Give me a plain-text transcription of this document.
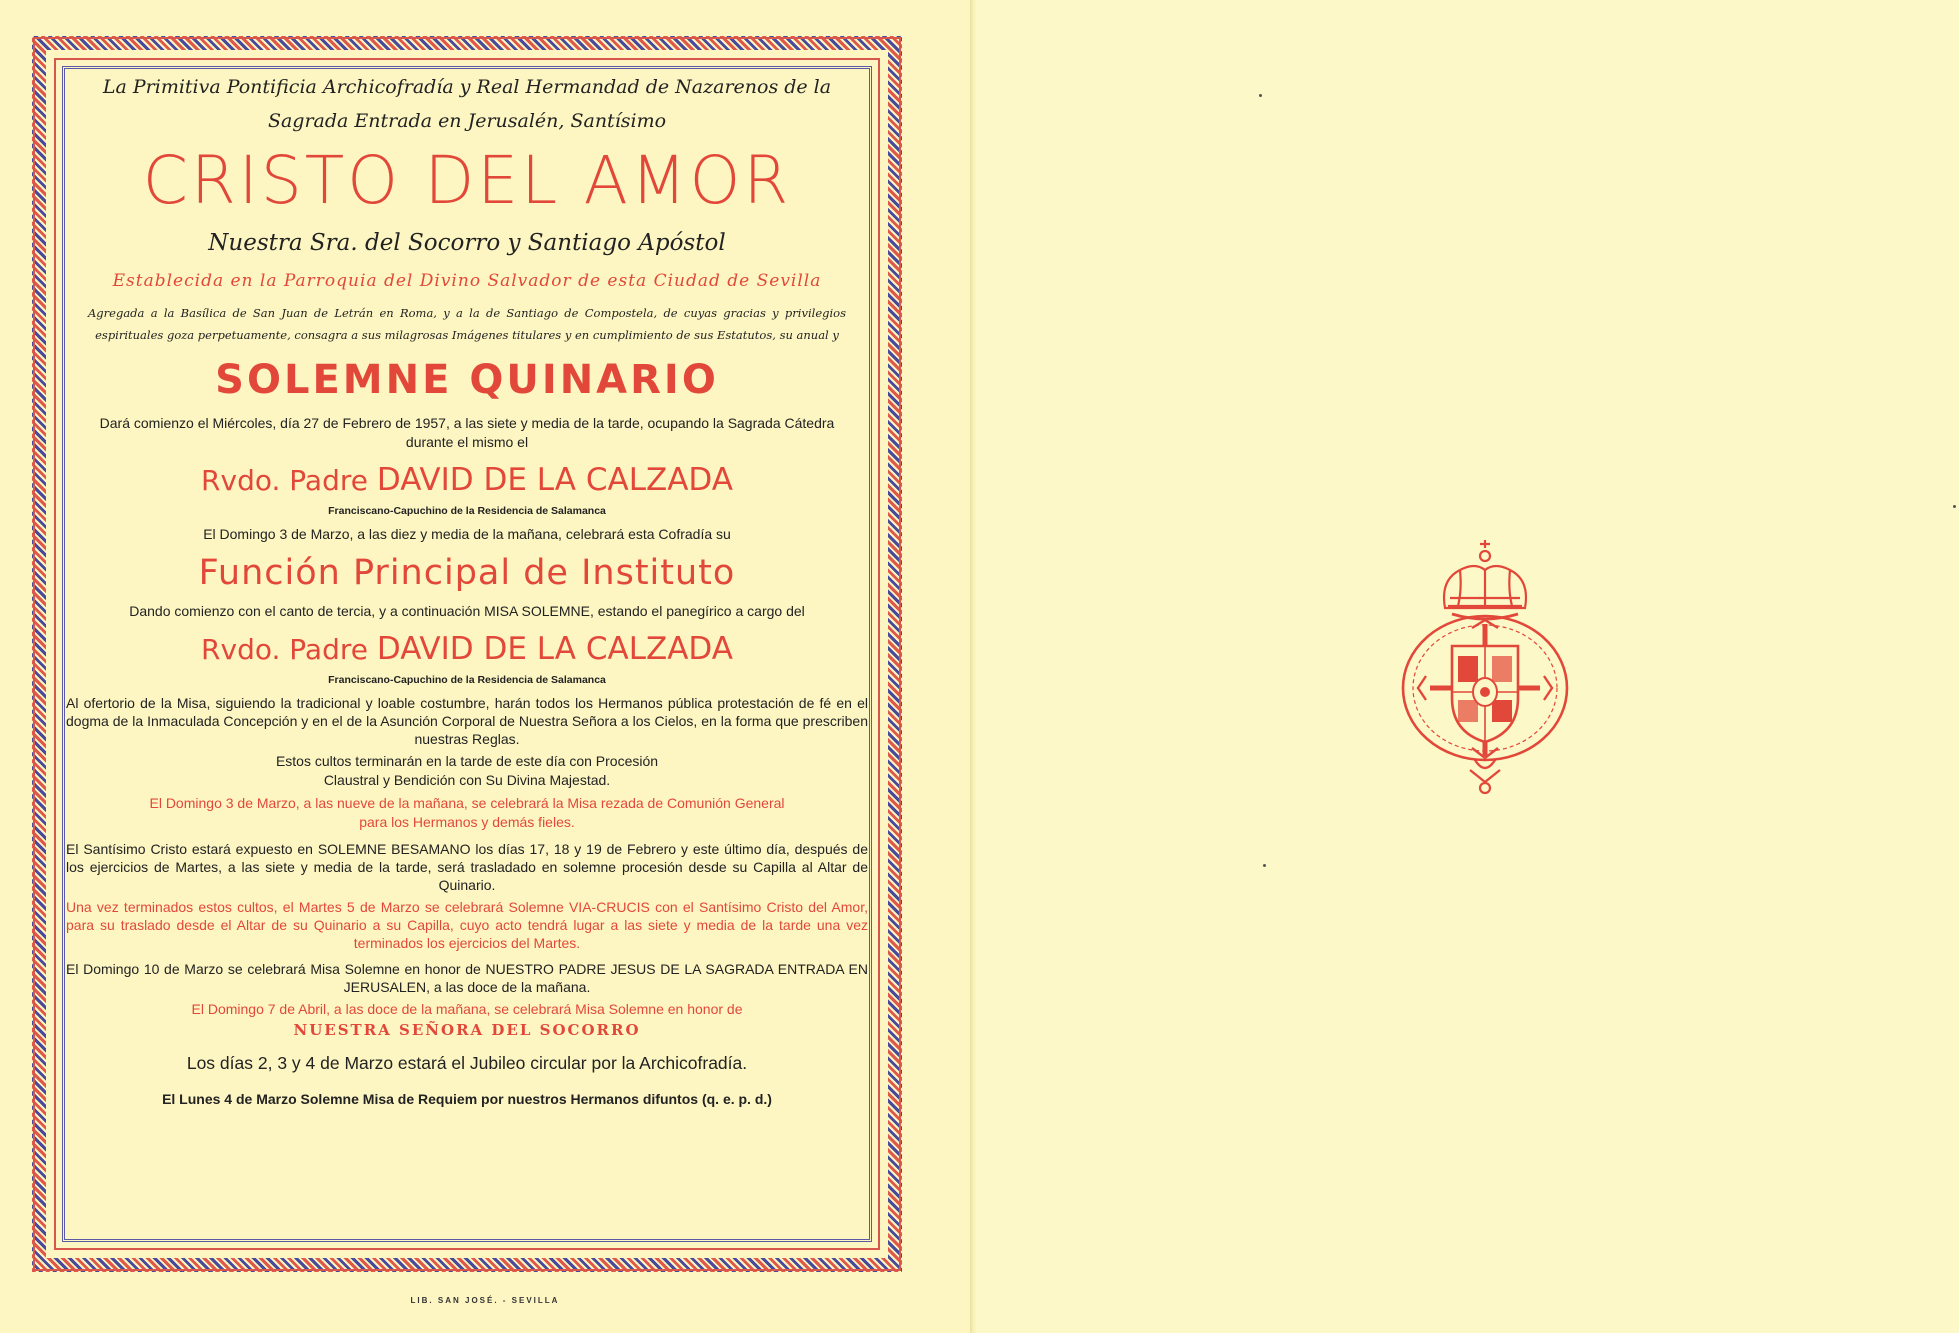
La Primitiva Pontificia Archicofradía y Real Hermandad de Nazarenos de la

Sagrada Entrada en Jerusalén, Santísimo

CRISTO DEL AMOR

Nuestra Sra. del Socorro y Santiago Apóstol

Establecida en la Parroquia del Divino Salvador de esta Ciudad de Sevilla

Agregada a la Basílica de San Juan de Letrán en Roma, y a la de Santiago de Compostela, de cuyas gracias y privilegios espirituales goza perpetuamente, consagra a sus milagrosas Imágenes titulares y en cumplimiento de sus Estatutos, su anual y

SOLEMNE QUINARIO

Dará comienzo el Miércoles, día 27 de Febrero de 1957, a las siete y media de la tarde, ocupando la Sagrada Cátedra durante el mismo el

Rvdo. Padre DAVID DE LA CALZADA

Franciscano-Capuchino de la Residencia de Salamanca

El Domingo 3 de Marzo, a las diez y media de la mañana, celebrará esta Cofradía su

Función Principal de Instituto

Dando comienzo con el canto de tercia, y a continuación MISA SOLEMNE, estando el panegírico a cargo del

Rvdo. Padre DAVID DE LA CALZADA

Franciscano-Capuchino de la Residencia de Salamanca

Al ofertorio de la Misa, siguiendo la tradicional y loable costumbre, harán todos los Hermanos pública protestación de fé en el dogma de la Inmaculada Concepción y en el de la Asunción Corporal de Nuestra Señora a los Cielos, en la forma que prescriben nuestras Reglas.

Estos cultos terminarán en la tarde de este día con Procesión Claustral y Bendición con Su Divina Majestad.

El Domingo 3 de Marzo, a las nueve de la mañana, se celebrará la Misa rezada de Comunión General para los Hermanos y demás fieles.

El Santísimo Cristo estará expuesto en SOLEMNE BESAMANO los días 17, 18 y 19 de Febrero y este último día, después de los ejercicios de Martes, a las siete y media de la tarde, será trasladado en solemne procesión desde su Capilla al Altar de Quinario.

Una vez terminados estos cultos, el Martes 5 de Marzo se celebrará Solemne VIA-CRUCIS con el Santísimo Cristo del Amor, para su traslado desde el Altar de su Quinario a su Capilla, cuyo acto tendrá lugar a las siete y media de la tarde una vez terminados los ejercicios del Martes.

El Domingo 10 de Marzo se celebrará Misa Solemne en honor de NUESTRO PADRE JESUS DE LA SAGRADA ENTRADA EN JERUSALEN, a las doce de la mañana.

El Domingo 7 de Abril, a las doce de la mañana, se celebrará Misa Solemne en honor de

NUESTRA SEÑORA DEL SOCORRO

Los días 2, 3 y 4 de Marzo estará el Jubileo circular por la Archicofradía.

El Lunes 4 de Marzo Solemne Misa de Requiem por nuestros Hermanos difuntos (q. e. p. d.)

LIB. SAN JOSÉ. - SEVILLA
